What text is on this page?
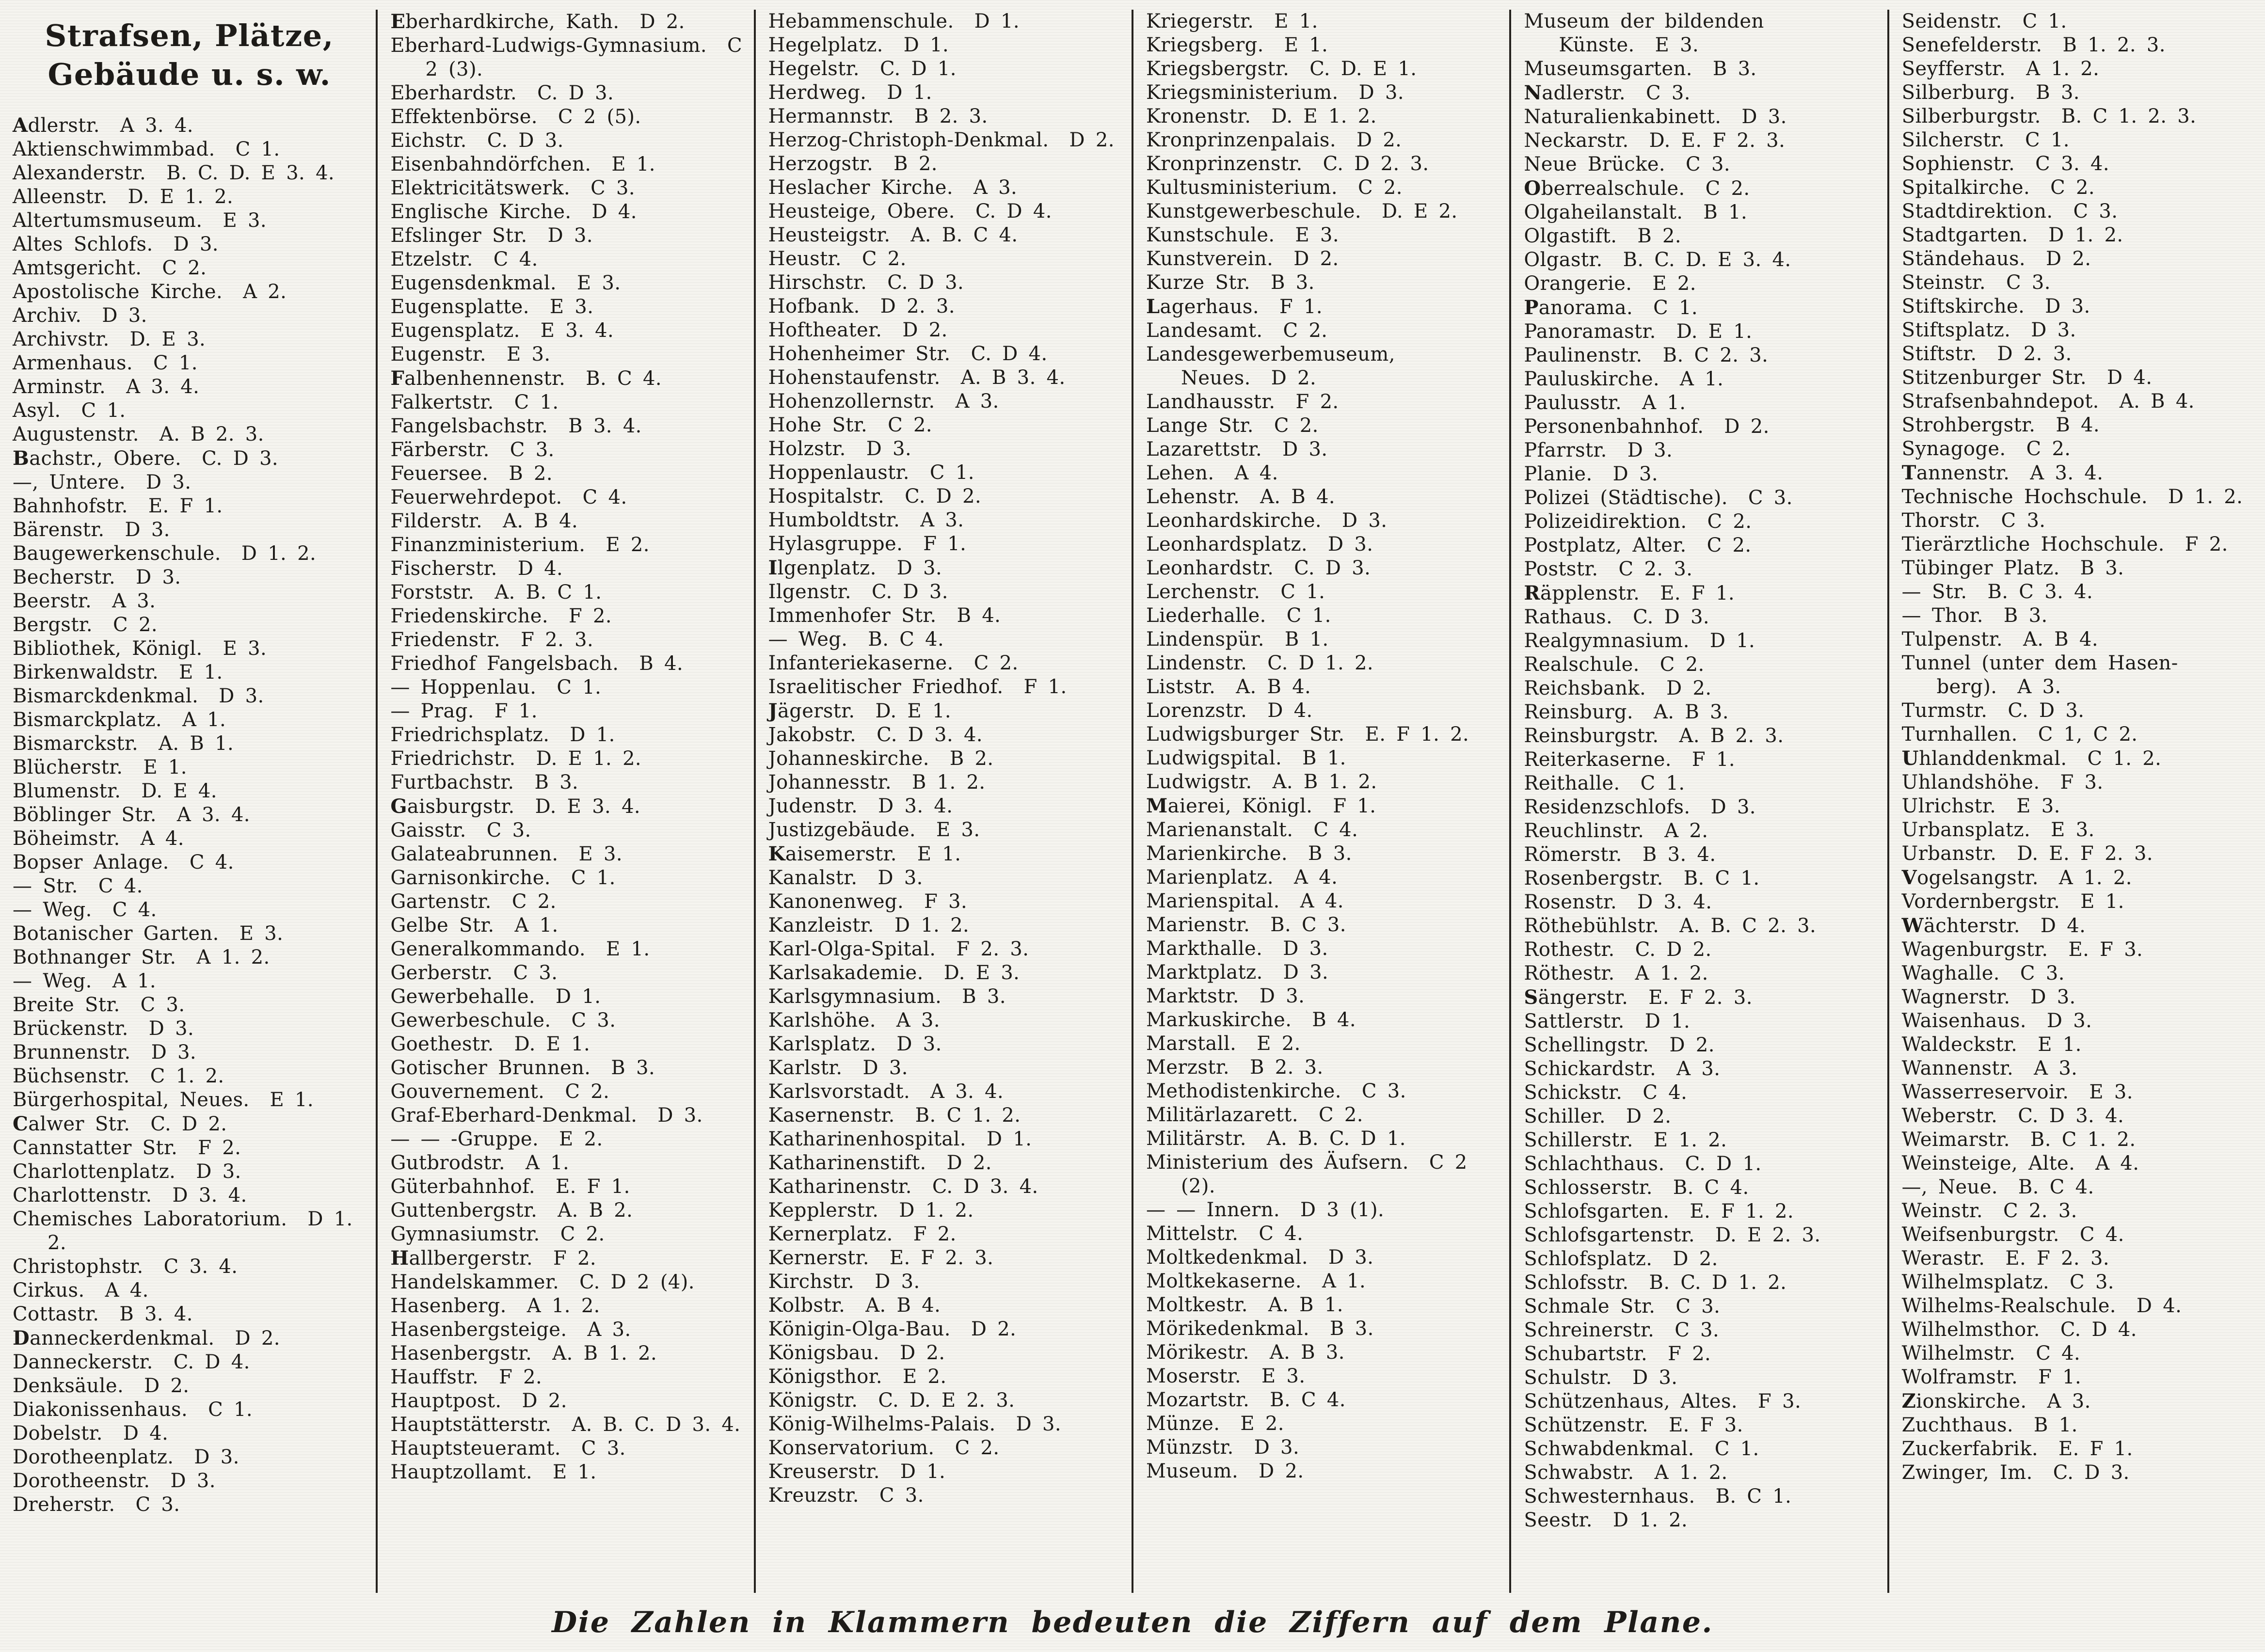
Strafsen, Plätze,
Gebäude u. s. w.
Adlerstr. A 3. 4.
Aktienschwimmbad. C 1.
Alexanderstr. B. C. D. E 3. 4.
Alleenstr. D. E 1. 2.
Altertumsmuseum. E 3.
Altes Schlofs. D 3.
Amtsgericht. C 2.
Apostolische Kirche. A 2.
Archiv. D 3.
Archivstr. D. E 3.
Armenhaus. C 1.
Arminstr. A 3. 4.
Asyl. C 1.
Augustenstr. A. B 2. 3.
Bachstr., Obere. C. D 3.
—, Untere. D 3.
Bahnhofstr. E. F 1.
Bärenstr. D 3.
Baugewerkenschule. D 1. 2.
Becherstr. D 3.
Beerstr. A 3.
Bergstr. C 2.
Bibliothek, Königl. E 3.
Birkenwaldstr. E 1.
Bismarckdenkmal. D 3.
Bismarckplatz. A 1.
Bismarckstr. A. B 1.
Blücherstr. E 1.
Blumenstr. D. E 4.
Böblinger Str. A 3. 4.
Böheimstr. A 4.
Bopser Anlage. C 4.
— Str. C 4.
— Weg. C 4.
Botanischer Garten. E 3.
Bothnanger Str. A 1. 2.
— Weg. A 1.
Breite Str. C 3.
Brückenstr. D 3.
Brunnenstr. D 3.
Büchsenstr. C 1. 2.
Bürgerhospital, Neues. E 1.
Calwer Str. C. D 2.
Cannstatter Str. F 2.
Charlottenplatz. D 3.
Charlottenstr. D 3. 4.
Chemisches Laboratorium. D 1. 2.
Christophstr. C 3. 4.
Cirkus. A 4.
Cottastr. B 3. 4.
Danneckerdenkmal. D 2.
Danneckerstr. C. D 4.
Denksäule. D 2.
Diakonissenhaus. C 1.
Dobelstr. D 4.
Dorotheenplatz. D 3.
Dorotheenstr. D 3.
Dreherstr. C 3.
Eberhardkirche, Kath. D 2.
Eberhard-Ludwigs-Gymnasium. C 2 (3).
Eberhardstr. C. D 3.
Effektenbörse. C 2 (5).
Eichstr. C. D 3.
Eisenbahndörfchen. E 1.
Elektricitätswerk. C 3.
Englische Kirche. D 4.
Efslinger Str. D 3.
Etzelstr. C 4.
Eugensdenkmal. E 3.
Eugensplatte. E 3.
Eugensplatz. E 3. 4.
Eugenstr. E 3.
Falbenhennenstr. B. C 4.
Falkertstr. C 1.
Fangelsbachstr. B 3. 4.
Färberstr. C 3.
Feuersee. B 2.
Feuerwehrdepot. C 4.
Filderstr. A. B 4.
Finanzministerium. E 2.
Fischerstr. D 4.
Forststr. A. B. C 1.
Friedenskirche. F 2.
Friedenstr. F 2. 3.
Friedhof Fangelsbach. B 4.
— Hoppenlau. C 1.
— Prag. F 1.
Friedrichsplatz. D 1.
Friedrichstr. D. E 1. 2.
Furtbachstr. B 3.
Gaisburgstr. D. E 3. 4.
Gaisstr. C 3.
Galateabrunnen. E 3.
Garnisonkirche. C 1.
Gartenstr. C 2.
Gelbe Str. A 1.
Generalkommando. E 1.
Gerberstr. C 3.
Gewerbehalle. D 1.
Gewerbeschule. C 3.
Goethestr. D. E 1.
Gotischer Brunnen. B 3.
Gouvernement. C 2.
Graf-Eberhard-Denkmal. D 3.
— — -Gruppe. E 2.
Gutbrodstr. A 1.
Güterbahnhof. E. F 1.
Guttenbergstr. A. B 2.
Gymnasiumstr. C 2.
Hallbergerstr. F 2.
Handelskammer. C. D 2 (4).
Hasenberg. A 1. 2.
Hasenbergsteige. A 3.
Hasenbergstr. A. B 1. 2.
Hauffstr. F 2.
Hauptpost. D 2.
Hauptstätterstr. A. B. C. D 3. 4.
Hauptsteueramt. C 3.
Hauptzollamt. E 1.
Hebammenschule. D 1.
Hegelplatz. D 1.
Hegelstr. C. D 1.
Herdweg. D 1.
Hermannstr. B 2. 3.
Herzog-Christoph-Denkmal. D 2.
Herzogstr. B 2.
Heslacher Kirche. A 3.
Heusteige, Obere. C. D 4.
Heusteigstr. A. B. C 4.
Heustr. C 2.
Hirschstr. C. D 3.
Hofbank. D 2. 3.
Hoftheater. D 2.
Hohenheimer Str. C. D 4.
Hohenstaufenstr. A. B 3. 4.
Hohenzollernstr. A 3.
Hohe Str. C 2.
Holzstr. D 3.
Hoppenlaustr. C 1.
Hospitalstr. C. D 2.
Humboldtstr. A 3.
Hylasgruppe. F 1.
Ilgenplatz. D 3.
Ilgenstr. C. D 3.
Immenhofer Str. B 4.
— Weg. B. C 4.
Infanteriekaserne. C 2.
Israelitischer Friedhof. F 1.
Jägerstr. D. E 1.
Jakobstr. C. D 3. 4.
Johanneskirche. B 2.
Johannesstr. B 1. 2.
Judenstr. D 3. 4.
Justizgebäude. E 3.
Kaisemerstr. E 1.
Kanalstr. D 3.
Kanonenweg. F 3.
Kanzleistr. D 1. 2.
Karl-Olga-Spital. F 2. 3.
Karlsakademie. D. E 3.
Karlsgymnasium. B 3.
Karlshöhe. A 3.
Karlsplatz. D 3.
Karlstr. D 3.
Karlsvorstadt. A 3. 4.
Kasernenstr. B. C 1. 2.
Katharinenhospital. D 1.
Katharinenstift. D 2.
Katharinenstr. C. D 3. 4.
Kepplerstr. D 1. 2.
Kernerplatz. F 2.
Kernerstr. E. F 2. 3.
Kirchstr. D 3.
Kolbstr. A. B 4.
Königin-Olga-Bau. D 2.
Königsbau. D 2.
Königsthor. E 2.
Königstr. C. D. E 2. 3.
König-Wilhelms-Palais. D 3.
Konservatorium. C 2.
Kreuserstr. D 1.
Kreuzstr. C 3.
Kriegerstr. E 1.
Kriegsberg. E 1.
Kriegsbergstr. C. D. E 1.
Kriegsministerium. D 3.
Kronenstr. D. E 1. 2.
Kronprinzenpalais. D 2.
Kronprinzenstr. C. D 2. 3.
Kultusministerium. C 2.
Kunstgewerbeschule. D. E 2.
Kunstschule. E 3.
Kunstverein. D 2.
Kurze Str. B 3.
Lagerhaus. F 1.
Landesamt. C 2.
Landesgewerbemuseum, Neues. D 2.
Landhausstr. F 2.
Lange Str. C 2.
Lazarettstr. D 3.
Lehen. A 4.
Lehenstr. A. B 4.
Leonhardskirche. D 3.
Leonhardsplatz. D 3.
Leonhardstr. C. D 3.
Lerchenstr. C 1.
Liederhalle. C 1.
Lindenspür. B 1.
Lindenstr. C. D 1. 2.
Liststr. A. B 4.
Lorenzstr. D 4.
Ludwigsburger Str. E. F 1. 2.
Ludwigspital. B 1.
Ludwigstr. A. B 1. 2.
Maierei, Königl. F 1.
Marienanstalt. C 4.
Marienkirche. B 3.
Marienplatz. A 4.
Marienspital. A 4.
Marienstr. B. C 3.
Markthalle. D 3.
Marktplatz. D 3.
Marktstr. D 3.
Markuskirche. B 4.
Marstall. E 2.
Merzstr. B 2. 3.
Methodistenkirche. C 3.
Militärlazarett. C 2.
Militärstr. A. B. C. D 1.
Ministerium des Äufsern. C 2 (2).
— — Innern. D 3 (1).
Mittelstr. C 4.
Moltkedenkmal. D 3.
Moltkekaserne. A 1.
Moltkestr. A. B 1.
Mörikedenkmal. B 3.
Mörikestr. A. B 3.
Moserstr. E 3.
Mozartstr. B. C 4.
Münze. E 2.
Münzstr. D 3.
Museum. D 2.
Museum der bildenden Künste. E 3.
Museumsgarten. B 3.
Nadlerstr. C 3.
Naturalienkabinett. D 3.
Neckarstr. D. E. F 2. 3.
Neue Brücke. C 3.
Oberrealschule. C 2.
Olgaheilanstalt. B 1.
Olgastift. B 2.
Olgastr. B. C. D. E 3. 4.
Orangerie. E 2.
Panorama. C 1.
Panoramastr. D. E 1.
Paulinenstr. B. C 2. 3.
Pauluskirche. A 1.
Paulusstr. A 1.
Personenbahnhof. D 2.
Pfarrstr. D 3.
Planie. D 3.
Polizei (Städtische). C 3.
Polizeidirektion. C 2.
Postplatz, Alter. C 2.
Poststr. C 2. 3.
Räpplenstr. E. F 1.
Rathaus. C. D 3.
Realgymnasium. D 1.
Realschule. C 2.
Reichsbank. D 2.
Reinsburg. A. B 3.
Reinsburgstr. A. B 2. 3.
Reiterkaserne. F 1.
Reithalle. C 1.
Residenzschlofs. D 3.
Reuchlinstr. A 2.
Römerstr. B 3. 4.
Rosenbergstr. B. C 1.
Rosenstr. D 3. 4.
Röthebühlstr. A. B. C 2. 3.
Rothestr. C. D 2.
Röthestr. A 1. 2.
Sängerstr. E. F 2. 3.
Sattlerstr. D 1.
Schellingstr. D 2.
Schickardstr. A 3.
Schickstr. C 4.
Schiller. D 2.
Schillerstr. E 1. 2.
Schlachthaus. C. D 1.
Schlosserstr. B. C 4.
Schlofsgarten. E. F 1. 2.
Schlofsgartenstr. D. E 2. 3.
Schlofsplatz. D 2.
Schlofsstr. B. C. D 1. 2.
Schmale Str. C 3.
Schreinerstr. C 3.
Schubartstr. F 2.
Schulstr. D 3.
Schützenhaus, Altes. F 3.
Schützenstr. E. F 3.
Schwabdenkmal. C 1.
Schwabstr. A 1. 2.
Schwesternhaus. B. C 1.
Seestr. D 1. 2.
Seidenstr. C 1.
Senefelderstr. B 1. 2. 3.
Seyfferstr. A 1. 2.
Silberburg. B 3.
Silberburgstr. B. C 1. 2. 3.
Silcherstr. C 1.
Sophienstr. C 3. 4.
Spitalkirche. C 2.
Stadtdirektion. C 3.
Stadtgarten. D 1. 2.
Ständehaus. D 2.
Steinstr. C 3.
Stiftskirche. D 3.
Stiftsplatz. D 3.
Stiftstr. D 2. 3.
Stitzenburger Str. D 4.
Strafsenbahndepot. A. B 4.
Strohbergstr. B 4.
Synagoge. C 2.
Tannenstr. A 3. 4.
Technische Hochschule. D 1. 2.
Thorstr. C 3.
Tierärztliche Hochschule. F 2.
Tübinger Platz. B 3.
— Str. B. C 3. 4.
— Thor. B 3.
Tulpenstr. A. B 4.
Tunnel (unter dem Hasenberg). A 3.
Turmstr. C. D 3.
Turnhallen. C 1, C 2.
Uhlanddenkmal. C 1. 2.
Uhlandshöhe. F 3.
Ulrichstr. E 3.
Urbansplatz. E 3.
Urbanstr. D. E. F 2. 3.
Vogelsangstr. A 1. 2.
Vordernbergstr. E 1.
Wächterstr. D 4.
Wagenburgstr. E. F 3.
Waghalle. C 3.
Wagnerstr. D 3.
Waisenhaus. D 3.
Waldeckstr. E 1.
Wannenstr. A 3.
Wasserreservoir. E 3.
Weberstr. C. D 3. 4.
Weimarstr. B. C 1. 2.
Weinsteige, Alte. A 4.
—, Neue. B. C 4.
Weinstr. C 2. 3.
Weifsenburgstr. C 4.
Werastr. E. F 2. 3.
Wilhelmsplatz. C 3.
Wilhelms-Realschule. D 4.
Wilhelmsthor. C. D 4.
Wilhelmstr. C 4.
Wolframstr. F 1.
Zionskirche. A 3.
Zuchthaus. B 1.
Zuckerfabrik. E. F 1.
Zwinger, Im. C. D 3.
Die Zahlen in Klammern bedeuten die Ziffern auf dem Plane.
